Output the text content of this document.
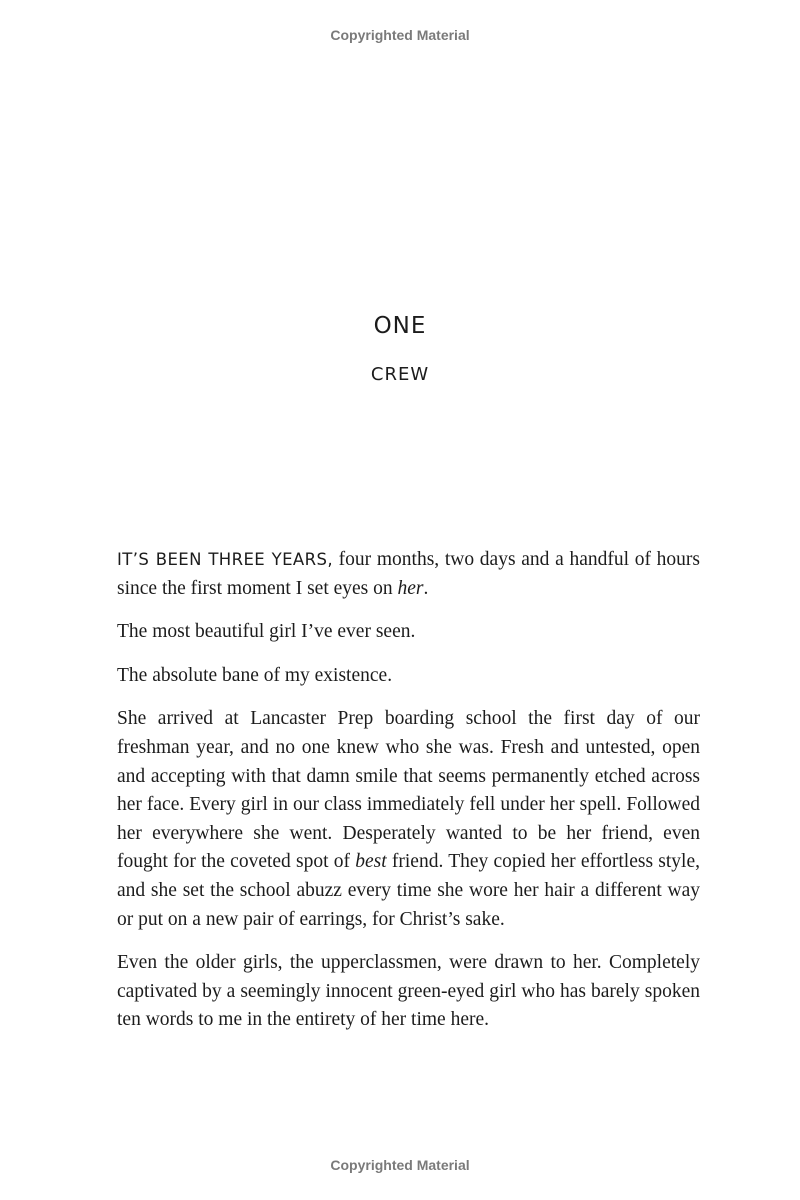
Copyrighted Material
ONE
CREW

IT’S BEEN THREE YEARS, four months, two days and a handful of hours since the first moment I set eyes on her.

The most beautiful girl I’ve ever seen.

The absolute bane of my existence.

She arrived at Lancaster Prep boarding school the first day of our freshman year, and no one knew who she was. Fresh and untested, open and accepting with that damn smile that seems permanently etched across her face. Every girl in our class immediately fell under her spell. Followed her everywhere she went. Desperately wanted to be her friend, even fought for the coveted spot of best friend. They copied her effortless style, and she set the school abuzz every time she wore her hair a different way or put on a new pair of earrings, for Christ’s sake.

Even the older girls, the upperclassmen, were drawn to her. Completely captivated by a seemingly innocent green-eyed girl who has barely spoken ten words to me in the entirety of her time here.

Copyrighted Material
